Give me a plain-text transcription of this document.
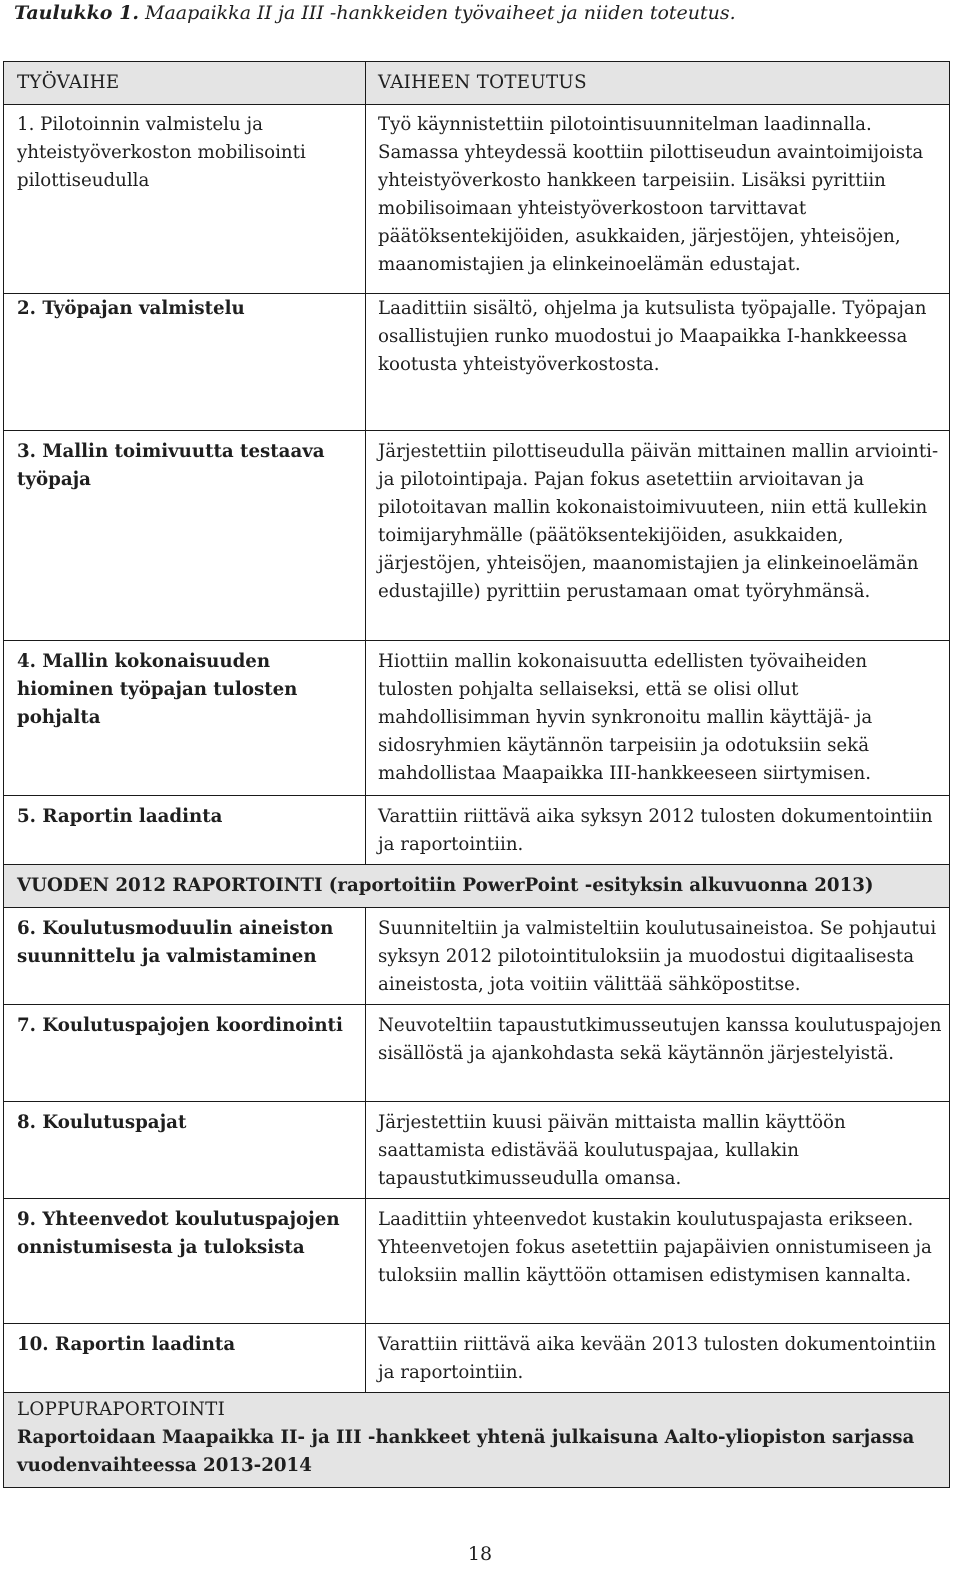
Taulukko 1. Maapaikka II ja III -hankkeiden työvaiheet ja niiden toteutus.
TYÖVAIHE	VAIHEEN TOTEUTUS
1. Pilotoinnin valmistelu ja yhteistyöverkoston mobilisointi pilottiseudulla	Työ käynnistettiin pilotointisuunnitelman laadinnalla. Samassa yhteydessä koottiin pilottiseudun avaintoimijoista yhteistyöverkosto hankkeen tarpeisiin. Lisäksi pyrittiin mobilisoimaan yhteistyöverkostoon tarvittavat päätöksentekijöiden, asukkaiden, järjestöjen, yhteisöjen, maanomistajien ja elinkeinoelämän edustajat.
2. Työpajan valmistelu	Laadittiin sisältö, ohjelma ja kutsulista työpajalle. Työpajan osallistujien runko muodostui jo Maapaikka I-hankkeessa kootusta yhteistyöverkostosta.
3. Mallin toimivuutta testaava työpaja	Järjestettiin pilottiseudulla päivän mittainen mallin arviointi- ja pilotointipaja. Pajan fokus asetettiin arvioitavan ja pilotoitavan mallin kokonaistoimivuuteen, niin että kullekin toimijaryhmälle (päätöksentekijöiden, asukkaiden, järjestöjen, yhteisöjen, maanomistajien ja elinkeinoelämän edustajille) pyrittiin perustamaan omat työryhmänsä.
4. Mallin kokonaisuuden hiominen työpajan tulosten pohjalta	Hiottiin mallin kokonaisuutta edellisten työvaiheiden tulosten pohjalta sellaiseksi, että se olisi ollut mahdollisimman hyvin synkronoitu mallin käyttäjä- ja sidosryhmien käytännön tarpeisiin ja odotuksiin sekä mahdollistaa Maapaikka III-hankkeeseen siirtymisen.
5. Raportin laadinta	Varattiin riittävä aika syksyn 2012 tulosten dokumentointiin ja raportointiin.
VUODEN 2012 RAPORTOINTI (raportoitiin PowerPoint -esityksin alkuvuonna 2013)	
6. Koulutusmoduulin aineiston suunnittelu ja valmistaminen	Suunniteltiin ja valmisteltiin koulutusaineistoa. Se pohjautui syksyn 2012 pilotointituloksiin ja muodostui digitaalisesta aineistosta, jota voitiin välittää sähköpostitse.
7. Koulutuspajojen koordinointi	Neuvoteltiin tapaustutkimusseutujen kanssa koulutuspajojen sisällöstä ja ajankohdasta sekä käytännön järjestelyistä.
8. Koulutuspajat	Järjestettiin kuusi päivän mittaista mallin käyttöön saattamista edistävää koulutuspajaa, kullakin tapaustutkimusseudulla omansa.
9. Yhteenvedot koulutuspajojen onnistumisesta ja tuloksista	Laadittiin yhteenvedot kustakin koulutuspajasta erikseen. Yhteenvetojen fokus asetettiin pajapäivien onnistumiseen ja tuloksiin mallin käyttöön ottamisen edistymisen kannalta.
10. Raportin laadinta	Varattiin riittävä aika kevään 2013 tulosten dokumentointiin ja raportointiin.

LOPPURAPORTOINTI
Raportoidaan Maapaikka II- ja III -hankkeet yhtenä julkaisuna Aalto-yliopiston sarjassa vuodenvaihteessa 2013-2014	
18
